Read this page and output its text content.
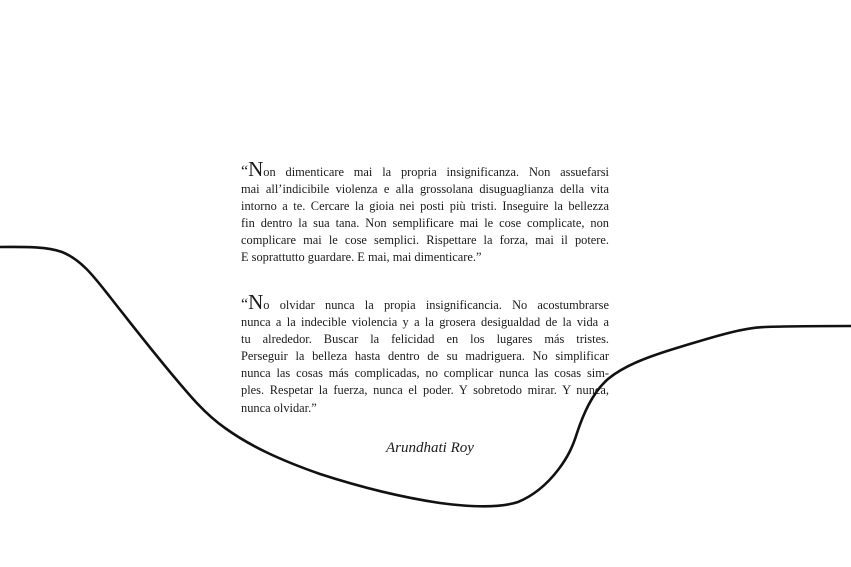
“Non dimenticare mai la propria insignificanza. Non assuefarsi
mai all’indicibile violenza e alla grossolana disuguaglianza della vita
intorno a te. Cercare la gioia nei posti più tristi. Inseguire la bellezza
fin dentro la sua tana. Non semplificare mai le cose complicate, non
complicare mai le cose semplici. Rispettare la forza, mai il potere.
E soprattutto guardare. E mai, mai dimenticare.”
“No olvidar nunca la propia insignificancia. No acostumbrarse
nunca a la indecible violencia y a la grosera desigualdad de la vida a
tu alrededor. Buscar la felicidad en los lugares más tristes.
Perseguir la belleza hasta dentro de su madriguera. No simplificar
nunca las cosas más complicadas, no complicar nunca las cosas sim-
ples. Respetar la fuerza, nunca el poder. Y sobretodo mirar. Y nunca,
nunca olvidar.”
Arundhati Roy
